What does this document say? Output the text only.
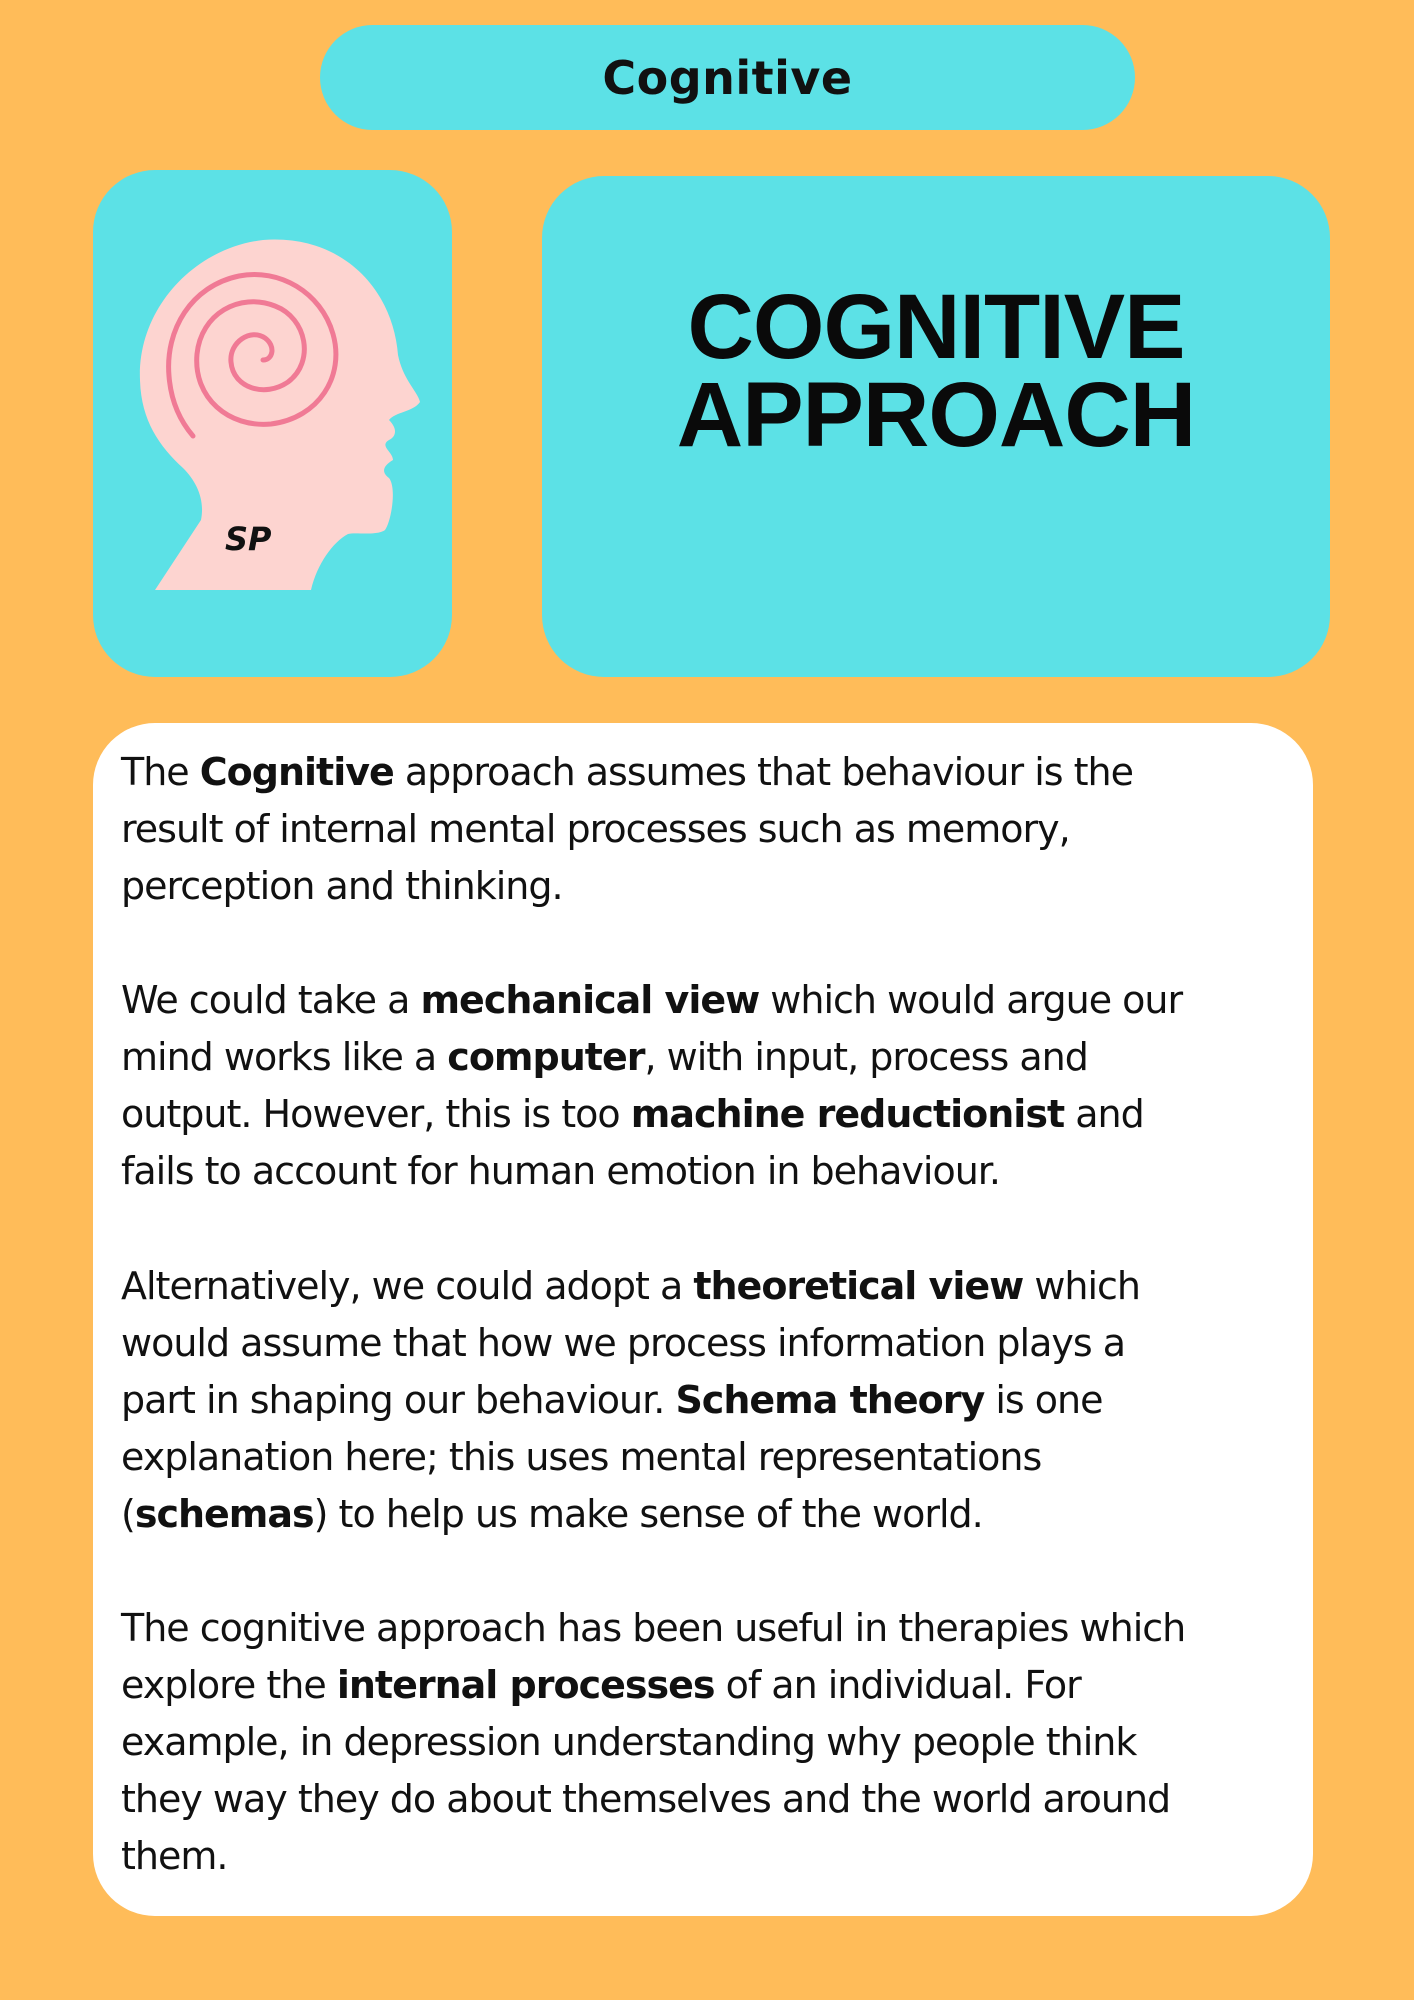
Cognitive
SP
COGNITIVE
APPROACH

The Cognitive approach assumes that behaviour is the
result of internal mental processes such as memory,
perception and thinking.

We could take a mechanical view which would argue our
mind works like a computer, with input, process and
output. However, this is too machine reductionist and
fails to account for human emotion in behaviour.

Alternatively, we could adopt a theoretical view which
would assume that how we process information plays a
part in shaping our behaviour. Schema theory is one
explanation here; this uses mental representations
(schemas) to help us make sense of the world.

The cognitive approach has been useful in therapies which
explore the internal processes of an individual. For
example, in depression understanding why people think
they way they do about themselves and the world around
them.
